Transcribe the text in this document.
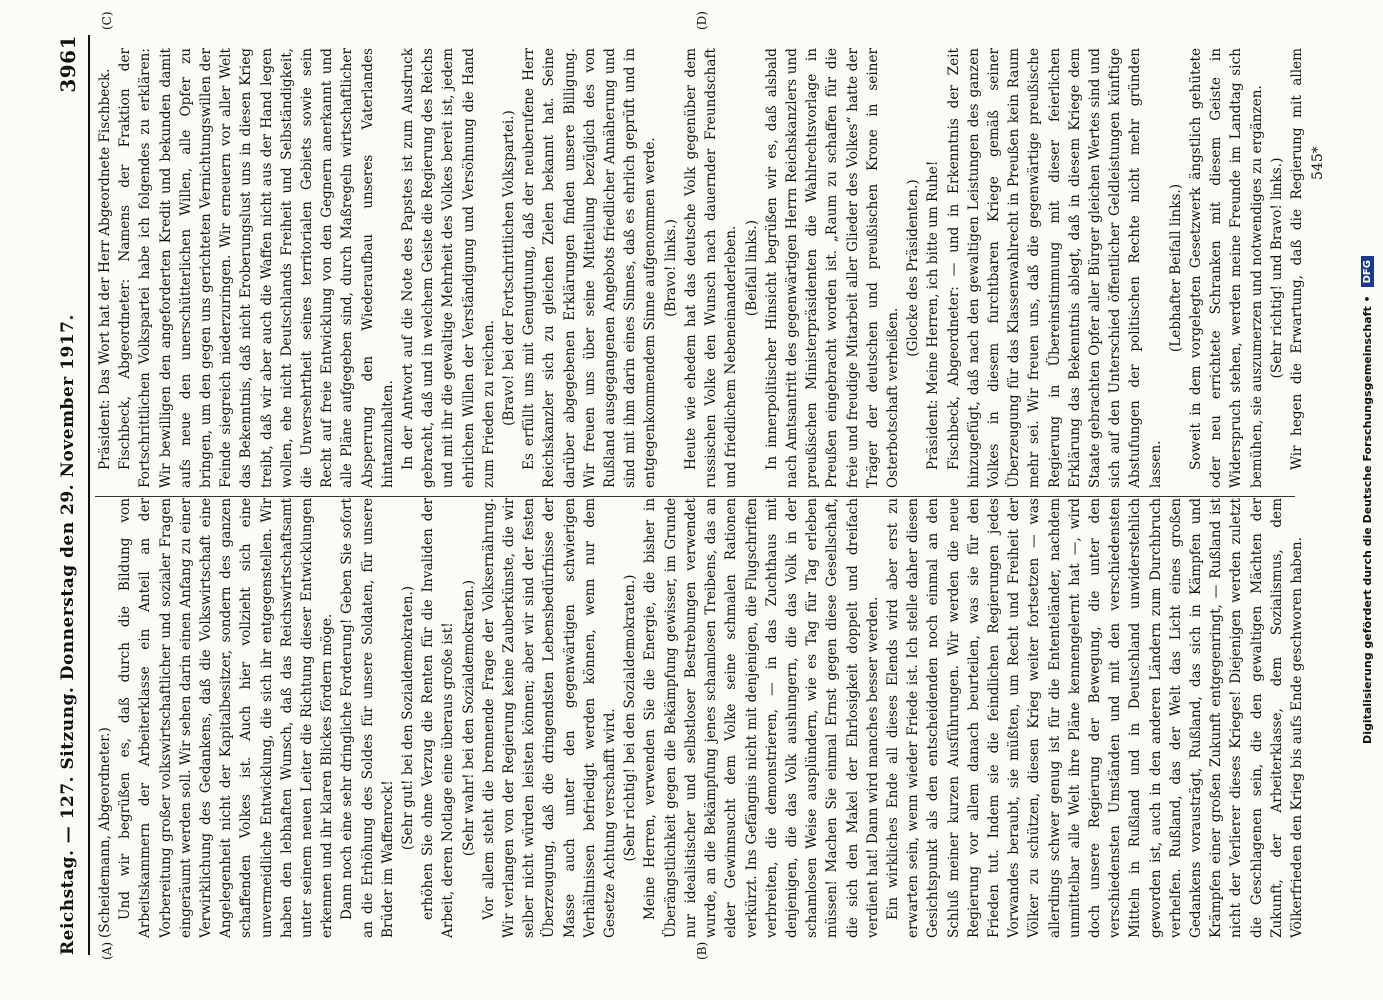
Reichstag. — 127. Sitzung. Donnerstag den 29. November 1917.
3961
(A)	(B)
(C)	(D)

(Scheidemann, Abgeordneter.) Und wir begrüßen es, daß durch die Bildung von Arbeitskammern der Arbeiterklasse ein Anteil an der Vorbereitung großer volkswirtschaftlicher und sozialer Fragen eingeräumt werden soll. Wir sehen darin einen Anfang zu einer Verwirklichung des Gedankens, daß die Volkswirtschaft eine Angelegenheit nicht der Kapitalbesitzer, sondern des ganzen schaffenden Volkes ist. Auch hier vollzieht sich eine unvermeidliche Entwicklung, die sich ihr entgegenstellen. Wir haben den lebhaften Wunsch, daß das Reichswirtschaftsamt unter seinem neuen Leiter die Richtung dieser Entwicklungen erkennen und ihr klaren Blickes fördern möge. Dann noch eine sehr dringliche Forderung! Geben Sie sofort an die Erhöhung des Soldes für unsere Soldaten, für unsere Brüder im Waffenrock!

(Sehr gut! bei den Sozialdemokraten.) erhöhen Sie ohne Verzug die Renten für die Invaliden der Arbeit, deren Notlage eine überaus große ist! (Sehr wahr! bei den Sozialdemokraten.) Vor allem steht die brennende Frage der Volksernährung. Wir verlangen von der Regierung keine Zauberkünste, die wir selber nicht würden leisten können; aber wir sind der festen Überzeugung, daß die dringendsten Lebensbedürfnisse der Masse auch unter den gegenwärtigen schwierigen Verhältnissen befriedigt werden können, wenn nur dem Gesetze Achtung verschafft wird. (Sehr richtig! bei den Sozialdemokraten.) Meine Herren, verwenden Sie die Energie, die bisher in Überängstlichkeit gegen die Bekämpfung gewisser, im Grunde nur idealistischer und selbstloser Bestrebungen verwendet wurde, an die Bekämpfung jenes schamlosen Treibens, das an elder Gewinnsucht dem Volke seine schmalen Rationen verkürzt. Ins Gefängnis nicht mit denjenigen, die Flugschriften verbreiten, die demonstrieren, — in das Zuchthaus mit denjenigen, die das Volk aushungern, die das Volk in der schamlosen Weise ausplündern, wie es Tag für Tag erleben müssen! Machen Sie einmal Ernst gegen diese Gesellschaft, die sich den Makel der Ehrlosigkeit doppelt und dreifach verdient hat! Dann wird manches besser werden. Ein wirkliches Ende all dieses Elends wird aber erst zu erwarten sein, wenn wieder Friede ist. Ich stelle daher diesen Gesichtspunkt als den entscheidenden noch einmal an den Schluß meiner kurzen Ausführungen. Wir werden die neue Regierung vor allem danach beurteilen, was sie für den Frieden tut. Indem sie die feindlichen Regierungen jedes Vorwandes beraubt, sie müßten, um Recht und Freiheit der Völker zu schützen, diesen Krieg weiter fortsetzen — was allerdings schwer genug ist für die Ententeländer, nachdem unmittelbar alle Welt ihre Pläne kennengelernt hat —, wird doch unsere Regierung der Bewegung, die unter den verschiedensten Umständen und mit den verschiedensten Mitteln in Rußland und in Deutschland unwiderstehlich geworden ist, auch in den anderen Ländern zum Durchbruch verhelfen. Rußland, das der Welt das Licht eines großen Gedankens vorausträgt, Rußland, das sich in Kämpfen und Krämpfen einer großen Zukunft entgegenringt, — Rußland ist nicht der Verlierer dieses Krieges! Diejenigen werden zuletzt die Geschlagenen sein, die den gewaltigen Mächten der Zukunft, der Arbeiterklasse, dem Sozialismus, dem Völkerfrieden den Krieg bis aufs Ende geschworen haben.

Präsident: Das Wort hat der Herr Abgeordnete Fischbeck. Fischbeck, Abgeordneter: Namens der Fraktion der Fortschrittlichen Volkspartei habe ich folgendes zu erklären: Wir bewilligen den angeforderten Kredit und bekunden damit aufs neue den unerschütterlichen Willen, alle Opfer zu bringen, um den gegen uns gerichteten Vernichtungswillen der Feinde siegreich niederzuringen. Wir erneuern vor aller Welt das Bekenntnis, daß nicht Eroberungslust uns in diesen Krieg treibt, daß wir aber auch die Waffen nicht aus der Hand legen wollen, ehe nicht Deutschlands Freiheit und Selbständigkeit, die Unversehrtheit seines territorialen Gebiets sowie sein Recht auf freie Entwicklung von den Gegnern anerkannt und alle Pläne aufgegeben sind, durch Maßregeln wirtschaftlicher Absperrung den Wiederaufbau unseres Vaterlandes hintanzuhalten. In der Antwort auf die Note des Papstes ist zum Ausdruck gebracht, daß und in welchem Geiste die Regierung des Reichs und mit ihr die gewaltige Mehrheit des Volkes bereit ist, jedem ehrlichen Willen der Verständigung und Versöhnung die Hand zum Frieden zu reichen. (Bravo! bei der Fortschrittlichen Volkspartei.) Es erfüllt uns mit Genugtuung, daß der neuberufene Herr Reichskanzler sich zu gleichen Zielen bekannt hat. Seine darüber abgegebenen Erklärungen finden unsere Billigung. Wir freuen uns über seine Mitteilung bezüglich des von Rußland ausgegangenen Angebots friedlicher Annäherung und sind mit ihm darin eines Sinnes, daß es ehrlich geprüft und in entgegenkommendem Sinne aufgenommen werde. (Bravo! links.) Heute wie ehedem hat das deutsche Volk gegenüber dem russischen Volke den Wunsch nach dauernder Freundschaft und friedlichem Nebeneinanderleben. (Beifall links.) In innerpolitischer Hinsicht begrüßen wir es, daß alsbald nach Amtsantritt des gegenwärtigen Herrn Reichskanzlers und preußischen Ministerpräsidenten die Wahlrechtsvorlage in Preußen eingebracht worden ist. „Raum zu schaffen für die freie und freudige Mitarbeit aller Glieder des Volkes“ hatte der Träger der deutschen und preußischen Krone in seiner Osterbotschaft verheißen.

(Glocke des Präsidenten.) Präsident: Meine Herren, ich bitte um Ruhe! Fischbeck, Abgeordneter: — und in Erkenntnis der Zeit hinzugefügt, daß nach den gewaltigen Leistungen des ganzen Volkes in diesem furchtbaren Kriege gemäß seiner Überzeugung für das Klassenwahlrecht in Preußen kein Raum mehr sei. Wir freuen uns, daß die gegenwärtige preußische Regierung in Übereinstimmung mit dieser feierlichen Erklärung das Bekenntnis ablegt, daß in diesem Kriege dem Staate gebrachten Opfer aller Bürger gleichen Wertes sind und sich auf den Unterschied öffentlicher Geldleistungen künftige Abstufungen der politischen Rechte nicht mehr gründen lassen.

(Lebhafter Beifall links.) Soweit in dem vorgelegten Gesetzwerk ängstlich gehütete oder neu errichtete Schranken mit diesem Geiste in Widerspruch stehen, werden meine Freunde im Landtag sich bemühen, sie auszumerzen und notwendiges zu ergänzen. (Sehr richtig! und Bravo! links.)

Wir hegen die Erwartung, daß die Regierung mit allem

545*
Digitalisierung gefördert durch die Deutsche Forschungsgemeinschaft •
DFG
